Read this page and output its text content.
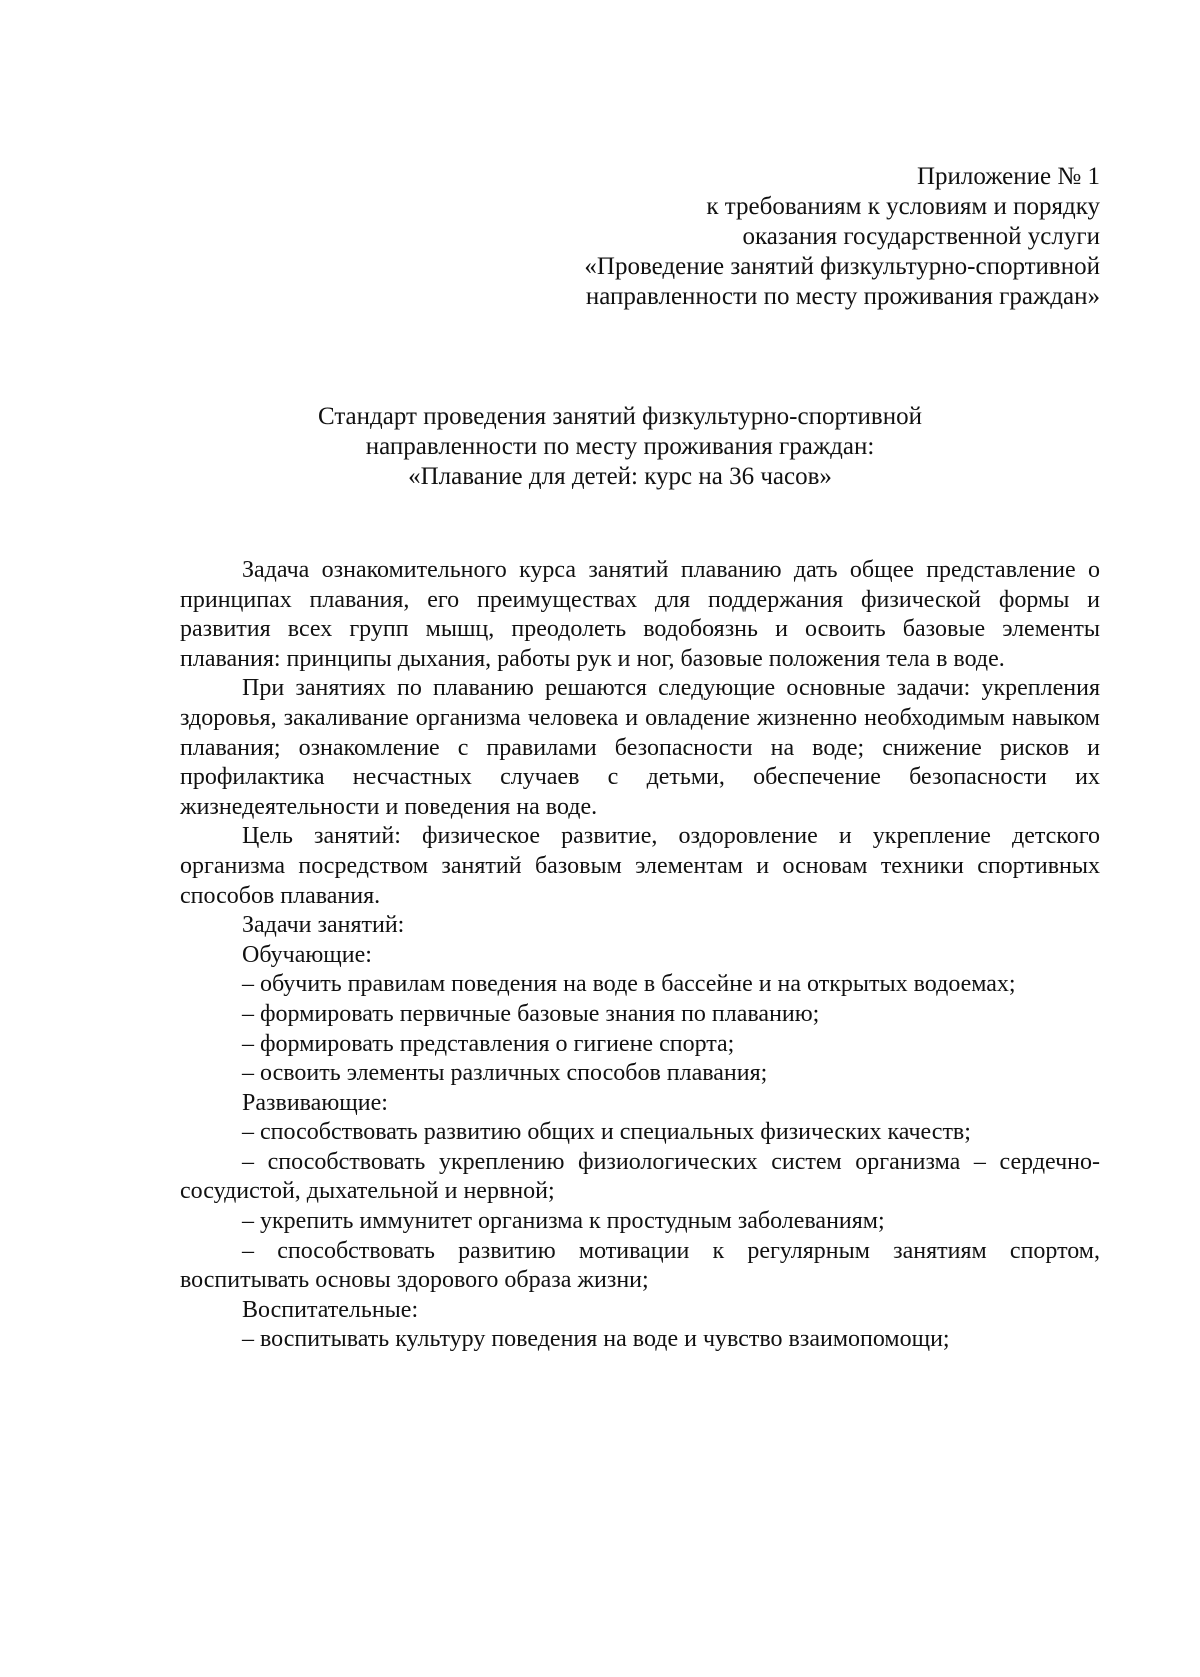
Приложение № 1
к требованиям к условиям и порядку
оказания государственной услуги
«Проведение занятий физкультурно-спортивной
направленности по месту проживания граждан»
Стандарт проведения занятий физкультурно-спортивной
направленности по месту проживания граждан:
«Плавание для детей: курс на 36 часов»

Задача ознакомительного курса занятий плаванию дать общее представление о принципах плавания, его преимуществах для поддержания физической формы и развития всех групп мышц, преодолеть водобоязнь и освоить базовые элементы плавания: принципы дыхания, работы рук и ног, базовые положения тела в воде.

При занятиях по плаванию решаются следующие основные задачи: укрепления здоровья, закаливание организма человека и овладение жизненно необходимым навыком плавания; ознакомление с правилами безопасности на воде; снижение рисков и профилактика несчастных случаев с детьми, обеспечение безопасности их жизнедеятельности и поведения на воде.

Цель занятий: физическое развитие, оздоровление и укрепление детского организма посредством занятий базовым элементам и основам техники спортивных способов плавания.

Задачи занятий:

Обучающие:

– обучить правилам поведения на воде в бассейне и на открытых водоемах;

– формировать первичные базовые знания по плаванию;

– формировать представления о гигиене спорта;

– освоить элементы различных способов плавания;

Развивающие:

– способствовать развитию общих и специальных физических качеств;

– способствовать укреплению физиологических систем организма – сердечно-сосудистой, дыхательной и нервной;

– укрепить иммунитет организма к простудным заболеваниям;

– способствовать развитию мотивации к регулярным занятиям спортом, воспитывать основы здорового образа жизни;

Воспитательные:

– воспитывать культуру поведения на воде и чувство взаимопомощи;
